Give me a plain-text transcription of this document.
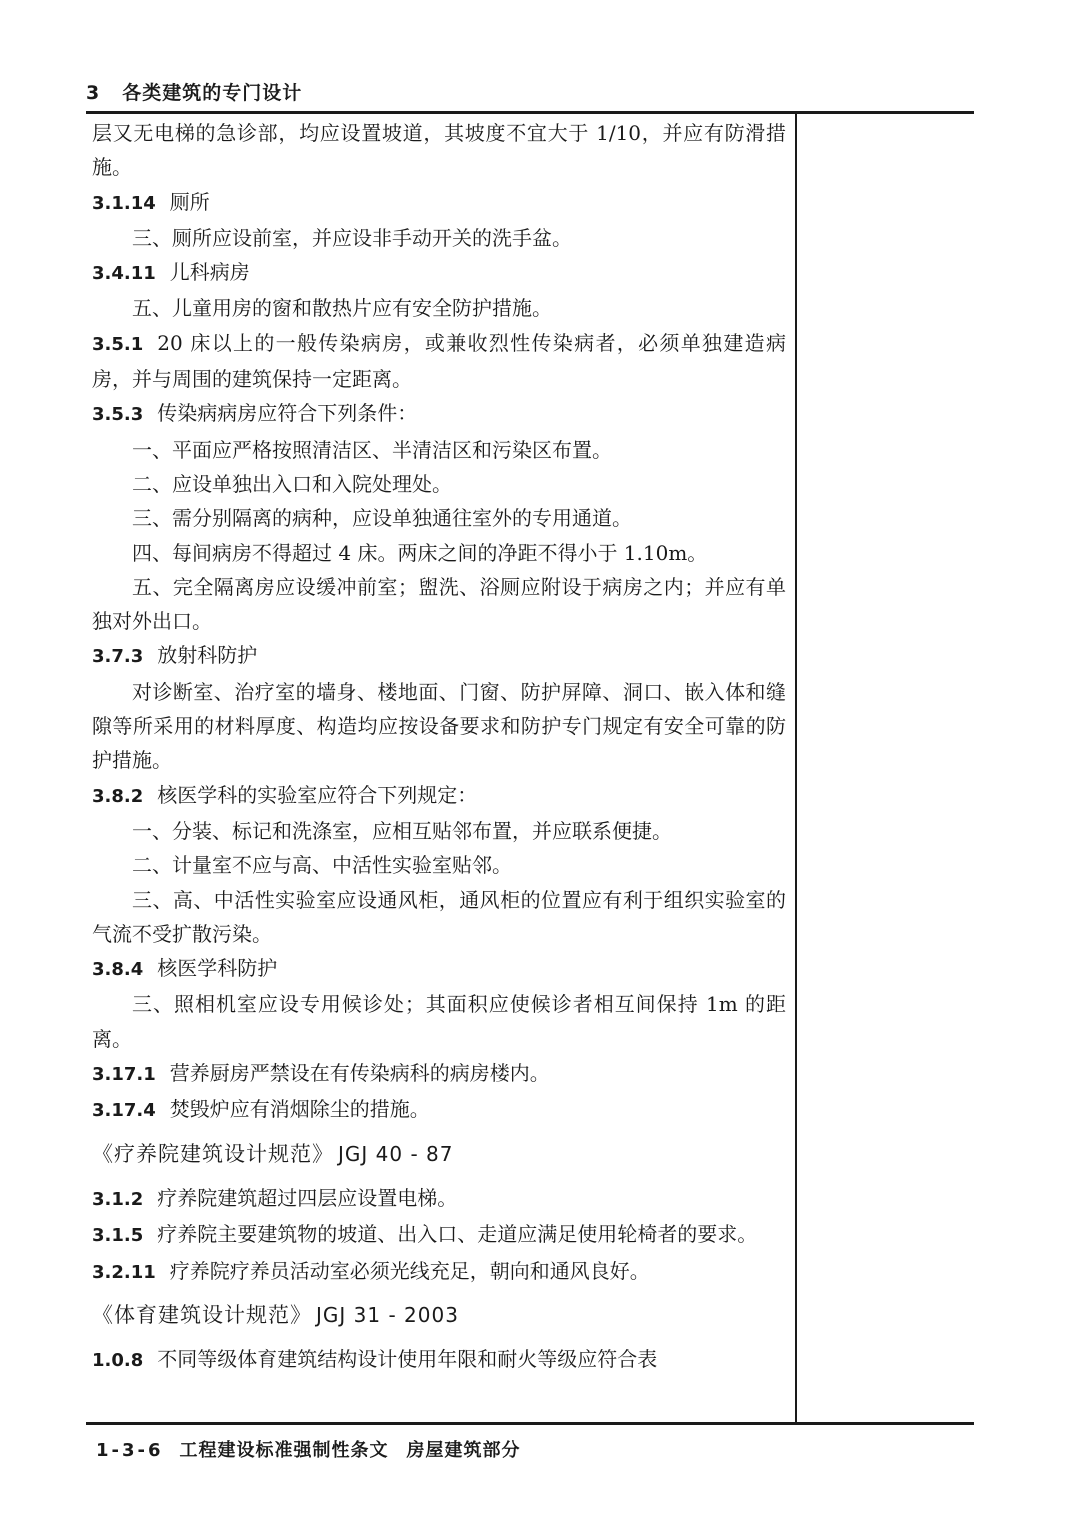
3 各类建筑的专门设计

层又无电梯的急诊部，均应设置坡道，其坡度不宜大于 1/10，并应有防滑措施。

3.1.14 厕所

三、厕所应设前室，并应设非手动开关的洗手盆。

3.4.11 儿科病房

五、儿童用房的窗和散热片应有安全防护措施。

3.5.1 20 床以上的一般传染病房，或兼收烈性传染病者，必须单独建造病房，并与周围的建筑保持一定距离。

3.5.3 传染病病房应符合下列条件：

一、平面应严格按照清洁区、半清洁区和污染区布置。

二、应设单独出入口和入院处理处。

三、需分别隔离的病种，应设单独通往室外的专用通道。

四、每间病房不得超过 4 床。两床之间的净距不得小于 1.10m。

五、完全隔离房应设缓冲前室；盥洗、浴厕应附设于病房之内；并应有单独对外出口。

3.7.3 放射科防护

对诊断室、治疗室的墙身、楼地面、门窗、防护屏障、洞口、嵌入体和缝隙等所采用的材料厚度、构造均应按设备要求和防护专门规定有安全可靠的防护措施。

3.8.2 核医学科的实验室应符合下列规定：

一、分装、标记和洗涤室，应相互贴邻布置，并应联系便捷。

二、计量室不应与高、中活性实验室贴邻。

三、高、中活性实验室应设通风柜，通风柜的位置应有利于组织实验室的气流不受扩散污染。

3.8.4 核医学科防护

三、照相机室应设专用候诊处；其面积应使候诊者相互间保持 1m 的距离。

3.17.1 营养厨房严禁设在有传染病科的病房楼内。

3.17.4 焚毁炉应有消烟除尘的措施。

《疗养院建筑设计规范》 JGJ 40 - 87

3.1.2 疗养院建筑超过四层应设置电梯。

3.1.5 疗养院主要建筑物的坡道、出入口、走道应满足使用轮椅者的要求。

3.2.11 疗养院疗养员活动室必须光线充足，朝向和通风良好。

《体育建筑设计规范》 JGJ 31 - 2003

1.0.8 不同等级体育建筑结构设计使用年限和耐火等级应符合表

1-3-6 工程建设标准强制性条文 房屋建筑部分
